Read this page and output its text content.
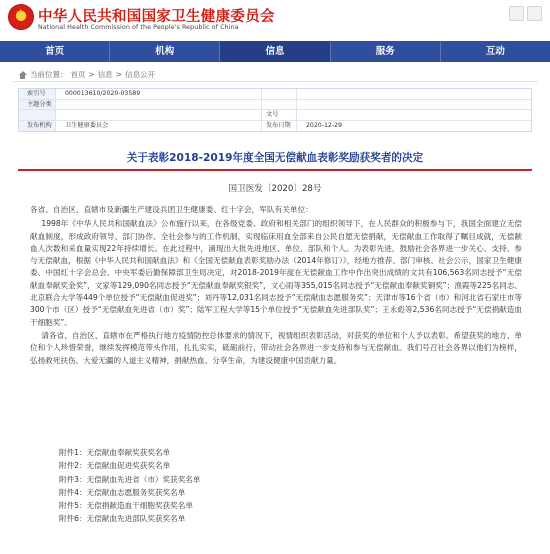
★
中华人民共和国国家卫生健康委员会
National Health Commission of the People's Republic of China
首页	机构	信息	服务	互动
当前位置： 首页 > 信息 > 信息公开
索引号	000013610/2020-03589
主题分类
文号
发布机构	卫生健康委员会	发布日期	2020-12-29
关于表彰2018-2019年度全国无偿献血表彰奖励获奖者的决定
国卫医发〔2020〕28号

各省、自治区、直辖市及新疆生产建设兵团卫生健康委、红十字会，军队有关单位：

1998年《中华人民共和国献血法》公布施行以来，在各级党委、政府和相关部门的组织领导下，在人民群众的积极参与下，我国全面建立无偿献血制度，形成政府领导、部门协作、全社会参与的工作机制，实现临床用血全部来自公民自愿无偿捐献，无偿献血工作取得了瞩目成就，无偿献血人次数和采血量实现22年持续增长。在此过程中，涌现出大批先进地区、单位、部队和个人。为表彰先进，鼓励社会各界进一步关心、支持、参与无偿献血，根据《中华人民共和国献血法》和《全国无偿献血表彰奖励办法（2014年修订）》，经地方推荐、部门审核、社会公示，国家卫生健康委、中国红十字会总会、中央军委后勤保障部卫生局决定，对2018-2019年度在无偿献血工作中作出突出成绩的文共有106,563名同志授予“无偿献血奉献奖金奖”，文家等129,090名同志授予“无偿献血奉献奖银奖”，文心雨等355,015名同志授予“无偿献血奉献奖铜奖”；渔霞等225名同志、北京联合大学等449个单位授予“无偿献血促进奖”；刘丹等12,031名同志授予“无偿献血志愿服务奖”；天津市等16个省（市）和河北省石家庄市等300个市（区）授予“无偿献血先进省（市）奖”；陆军工程大学等15个单位授予“无偿献血先进部队奖”；王永彪等2,536名同志授予“无偿捐献造血干细胞奖”。

请各省、自治区、直辖市在严格执行地方疫情防控总体要求的情况下，视情组织表彰活动，对获奖的单位和个人予以表彰。希望获奖的地方、单位和个人珍惜荣誉，继续发挥模范带头作用，扎扎实实，砥砺前行，带动社会各界进一步支持和参与无偿献血。我们号召社会各界以他们为榜样，弘扬救死扶伤、大爱无疆的人道主义精神，捐献热血、分享生命，为建设健康中国贡献力量。

附件1：无偿献血奉献奖获奖名单
附件2：无偿献血促进奖获奖名单
附件3：无偿献血先进省（市）奖获奖名单
附件4：无偿献血志愿服务奖获奖名单
附件5：无偿捐献造血干细胞奖获奖名单
附件6：无偿献血先进部队奖获奖名单
